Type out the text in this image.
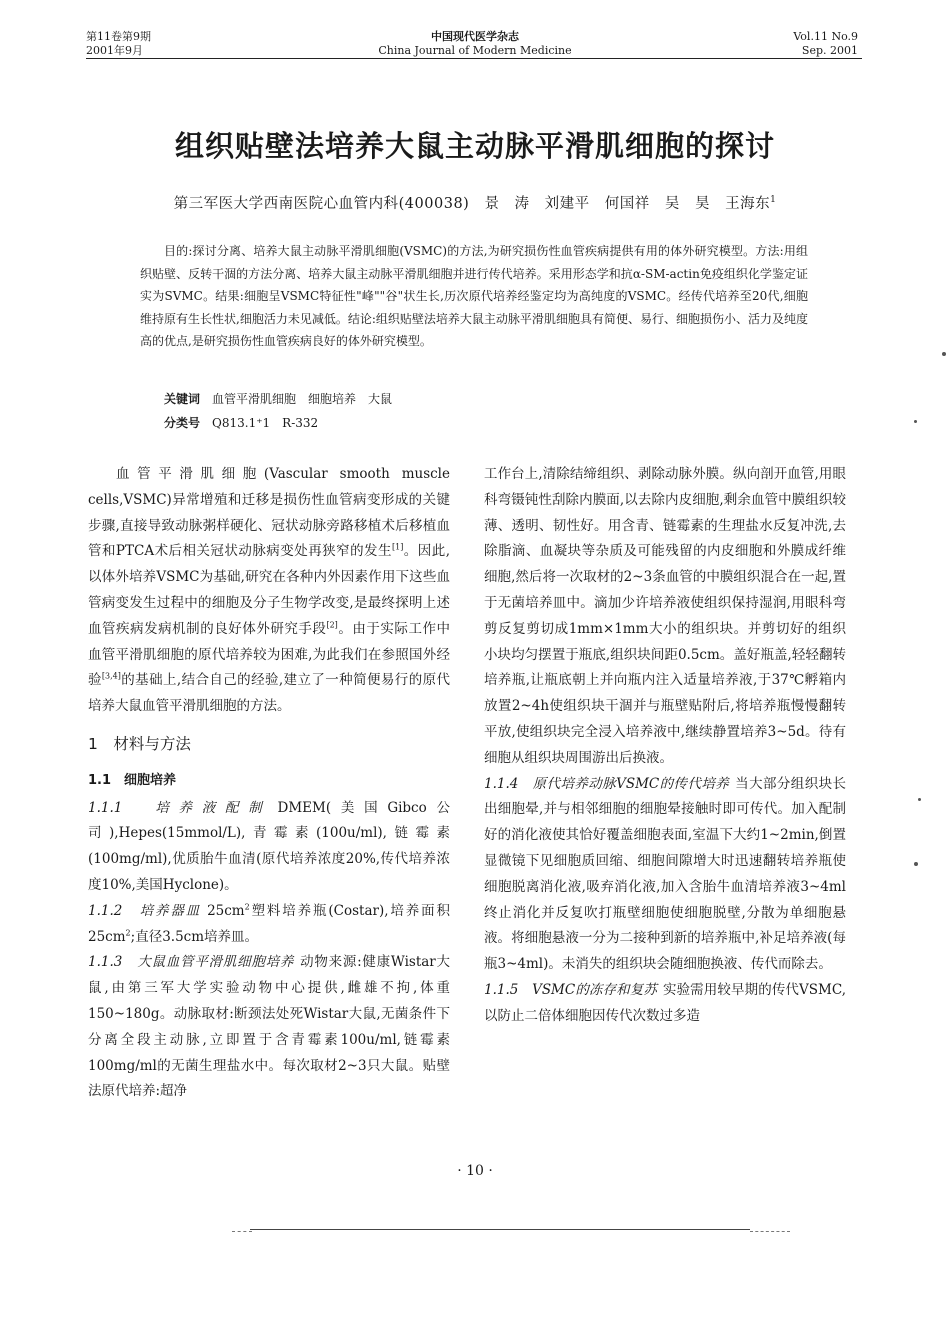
第11卷第9期
2001年9月
中国现代医学杂志
China Journal of Modern Medicine
Vol.11 No.9
Sep. 2001
组织贴壁法培养大鼠主动脉平滑肌细胞的探讨
第三军医大学西南医院心血管内科(400038) 景 涛 刘建平 何国祥 吴 昊 王海东$^1$

目的:探讨分离、培养大鼠主动脉平滑肌细胞(VSMC)的方法,为研究损伤性血管疾病提供有用的体外研究模型。方法:用组织贴壁、反转干涸的方法分离、培养大鼠主动脉平滑肌细胞并进行传代培养。采用形态学和抗α-SM-actin免疫组织化学鉴定证实为SVMC。结果:细胞呈VSMC特征性"峰""谷"状生长,历次原代培养经鉴定均为高纯度的VSMC。经传代培养至20代,细胞维持原有生长性状,细胞活力未见减低。结论:组织贴壁法培养大鼠主动脉平滑肌细胞具有简便、易行、细胞损伤小、活力及纯度高的优点,是研究损伤性血管疾病良好的体外研究模型。

关键词 血管平滑肌细胞　细胞培养　大鼠
分类号 Q813.1⁺1　R-332

血管平滑肌细胞(Vascular smooth muscle cells,VSMC)异常增殖和迁移是损伤性血管病变形成的关键步骤,直接导致动脉粥样硬化、冠状动脉旁路移植术后移植血管和PTCA术后相关冠状动脉病变处再狭窄的发生[1]。因此,以体外培养VSMC为基础,研究在各种内外因素作用下这些血管病变发生过程中的细胞及分子生物学改变,是最终探明上述血管疾病发病机制的良好体外研究手段[2]。由于实际工作中血管平滑肌细胞的原代培养较为困难,为此我们在参照国外经验[3,4]的基础上,结合自己的经验,建立了一种简便易行的原代培养大鼠血管平滑肌细胞的方法。

1　材料与方法
1.1　细胞培养

1.1.1　培养液配制 DMEM(美国Gibco公司),Hepes(15mmol/L),青霉素(100u/ml),链霉素(100mg/ml),优质胎牛血清(原代培养浓度20%,传代培养浓度10%,美国Hyclone)。

1.1.2　培养器皿 $25cm^2$塑料培养瓶(Costar),培养面积$25cm^2$;直径3.5cm培养皿。

1.1.3　大鼠血管平滑肌细胞培养 动物来源:健康Wistar大鼠,由第三军大学实验动物中心提供,雌雄不拘,体重150~180g。动脉取材:断颈法处死Wistar大鼠,无菌条件下分离全段主动脉,立即置于含青霉素100u/ml,链霉素100mg/ml的无菌生理盐水中。每次取材2~3只大鼠。贴壁法原代培养:超净

工作台上,清除结缔组织、剥除动脉外膜。纵向剖开血管,用眼科弯镊钝性刮除内膜面,以去除内皮细胞,剩余血管中膜组织较薄、透明、韧性好。用含青、链霉素的生理盐水反复冲洗,去除脂滴、血凝块等杂质及可能残留的内皮细胞和外膜成纤维细胞,然后将一次取材的2~3条血管的中膜组织混合在一起,置于无菌培养皿中。滴加少许培养液使组织保持湿润,用眼科弯剪反复剪切成1mm×1mm大小的组织块。并剪切好的组织小块均匀摆置于瓶底,组织块间距0.5cm。盖好瓶盖,轻轻翻转培养瓶,让瓶底朝上并向瓶内注入适量培养液,于37℃孵箱内放置2~4h使组织块干涸并与瓶壁贴附后,将培养瓶慢慢翻转平放,使组织块完全浸入培养液中,继续静置培养3~5d。待有细胞从组织块周围游出后换液。

1.1.4　原代培养动脉VSMC的传代培养 当大部分组织块长出细胞晕,并与相邻细胞的细胞晕接触时即可传代。加入配制好的消化液使其恰好覆盖细胞表面,室温下大约1~2min,倒置显微镜下见细胞质回缩、细胞间隙增大时迅速翻转培养瓶使细胞脱离消化液,吸弃消化液,加入含胎牛血清培养液3~4ml终止消化并反复吹打瓶壁细胞使细胞脱壁,分散为单细胞悬液。将细胞悬液一分为二接种到新的培养瓶中,补足培养液(每瓶3~4ml)。未消失的组织块会随细胞换液、传代而除去。

1.1.5　VSMC的冻存和复苏 实验需用较早期的传代VSMC,以防止二倍体细胞因传代次数过多造

· 10 ·
